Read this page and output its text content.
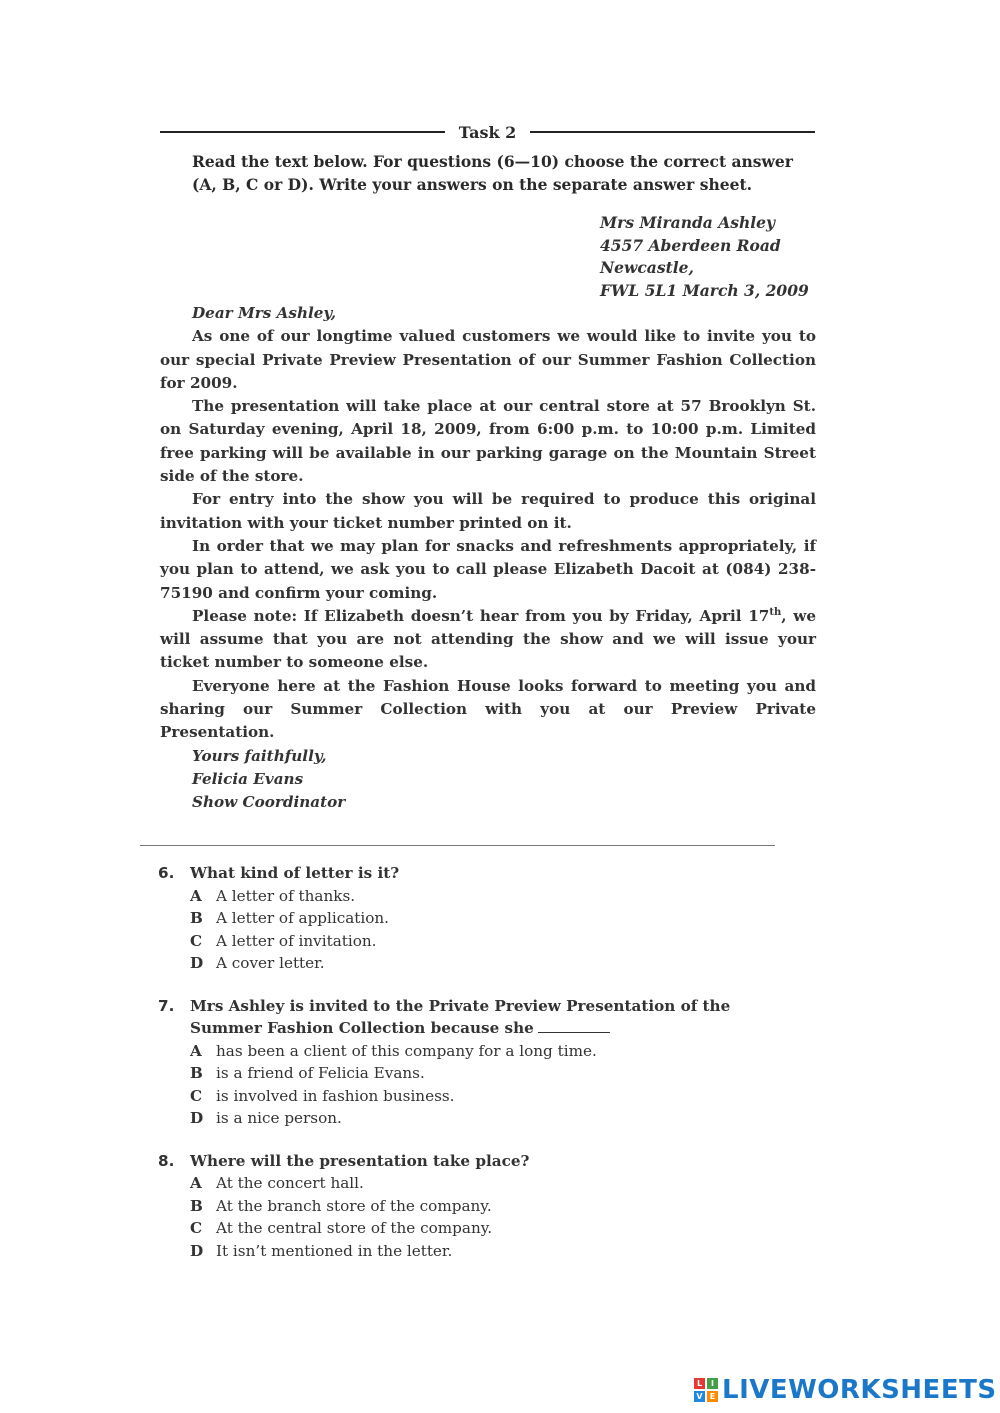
Task 2
Read the text below. For questions (6—10) choose the correct answer (A, B, C or D). Write your answers on the separate answer sheet.
Mrs Miranda Ashley
4557 Aberdeen Road
Newcastle,
FWL 5L1 March 3, 2009

Dear Mrs Ashley,

As one of our longtime valued customers we would like to invite you to our special Private Preview Presentation of our Summer Fashion Collection for 2009.

The presentation will take place at our central store at 57 Brooklyn St. on Saturday evening, April 18, 2009, from 6:00 p.m. to 10:00 p.m. Limited free parking will be available in our parking garage on the Mountain Street side of the store.

For entry into the show you will be required to produce this original invitation with your ticket number printed on it.

In order that we may plan for snacks and refreshments appropriately, if you plan to attend, we ask you to call please Elizabeth Dacoit at (084) 238-75190 and confirm your coming.

Please note: If Elizabeth doesn’t hear from you by Friday, April 17th, we will assume that you are not attending the show and we will issue your ticket number to someone else.

Everyone here at the Fashion House looks forward to meeting you and sharing our Summer Collection with you at our Preview Private Presentation.

Yours faithfully,

Felicia Evans

Show Coordinator

6.	What kind of letter is it?
A A letter of thanks.
B A letter of application.
C A letter of invitation.
D A cover letter.
7.	Mrs Ashley is invited to the Private Preview Presentation of the Summer Fashion Collection because she
A has been a client of this company for a long time.
B is a friend of Felicia Evans.
C is involved in fashion business.
D is a nice person.
8.	Where will the presentation take place?
A At the concert hall.
B At the branch store of the company.
C At the central store of the company.
D It isn’t mentioned in the letter.
L	I
V E LIVEWORKSHEETS
